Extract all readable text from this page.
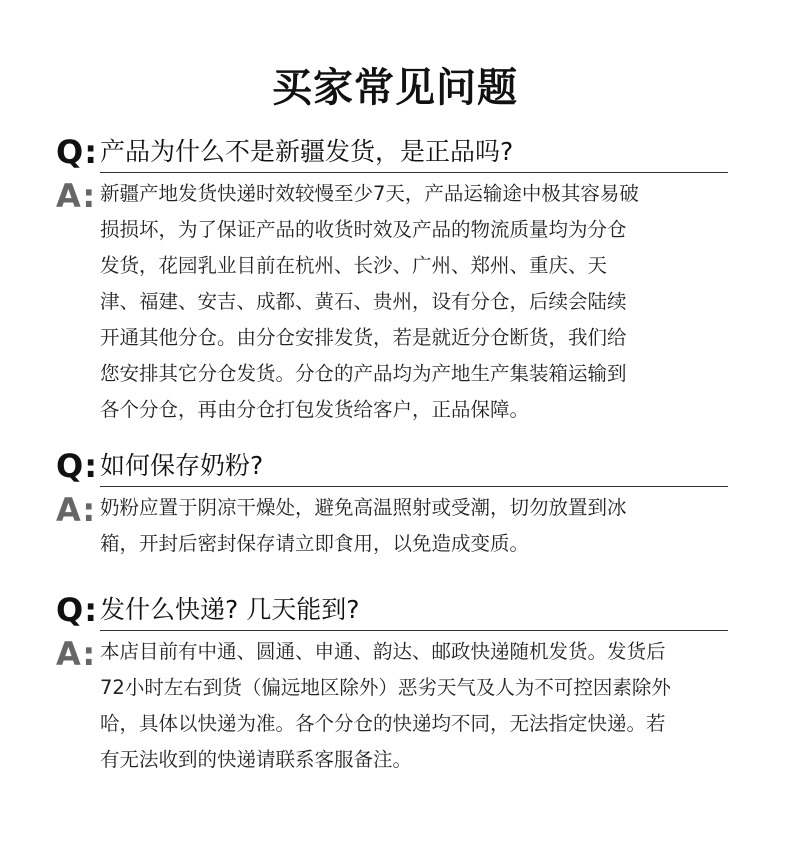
买家常见问题
Q: 产品为什么不是新疆发货，是正品吗?
A: 新疆产地发货快递时效较慢至少7天，产品运输途中极其容易破
损损坏，为了保证产品的收货时效及产品的物流质量均为分仓
发货，花园乳业目前在杭州、长沙、广州、郑州、重庆、天
津、福建、安吉、成都、黄石、贵州，设有分仓，后续会陆续
开通其他分仓。由分仓安排发货，若是就近分仓断货，我们给
您安排其它分仓发货。分仓的产品均为产地生产集装箱运输到
各个分仓，再由分仓打包发货给客户，正品保障。
Q: 如何保存奶粉?
A: 奶粉应置于阴凉干燥处，避免高温照射或受潮，切勿放置到冰
箱，开封后密封保存请立即食用，以免造成变质。
Q: 发什么快递? 几天能到?
A: 本店目前有中通、圆通、申通、韵达、邮政快递随机发货。发货后
72小时左右到货（偏远地区除外）恶劣天气及人为不可控因素除外
哈，具体以快递为准。各个分仓的快递均不同，无法指定快递。若
有无法收到的快递请联系客服备注。
